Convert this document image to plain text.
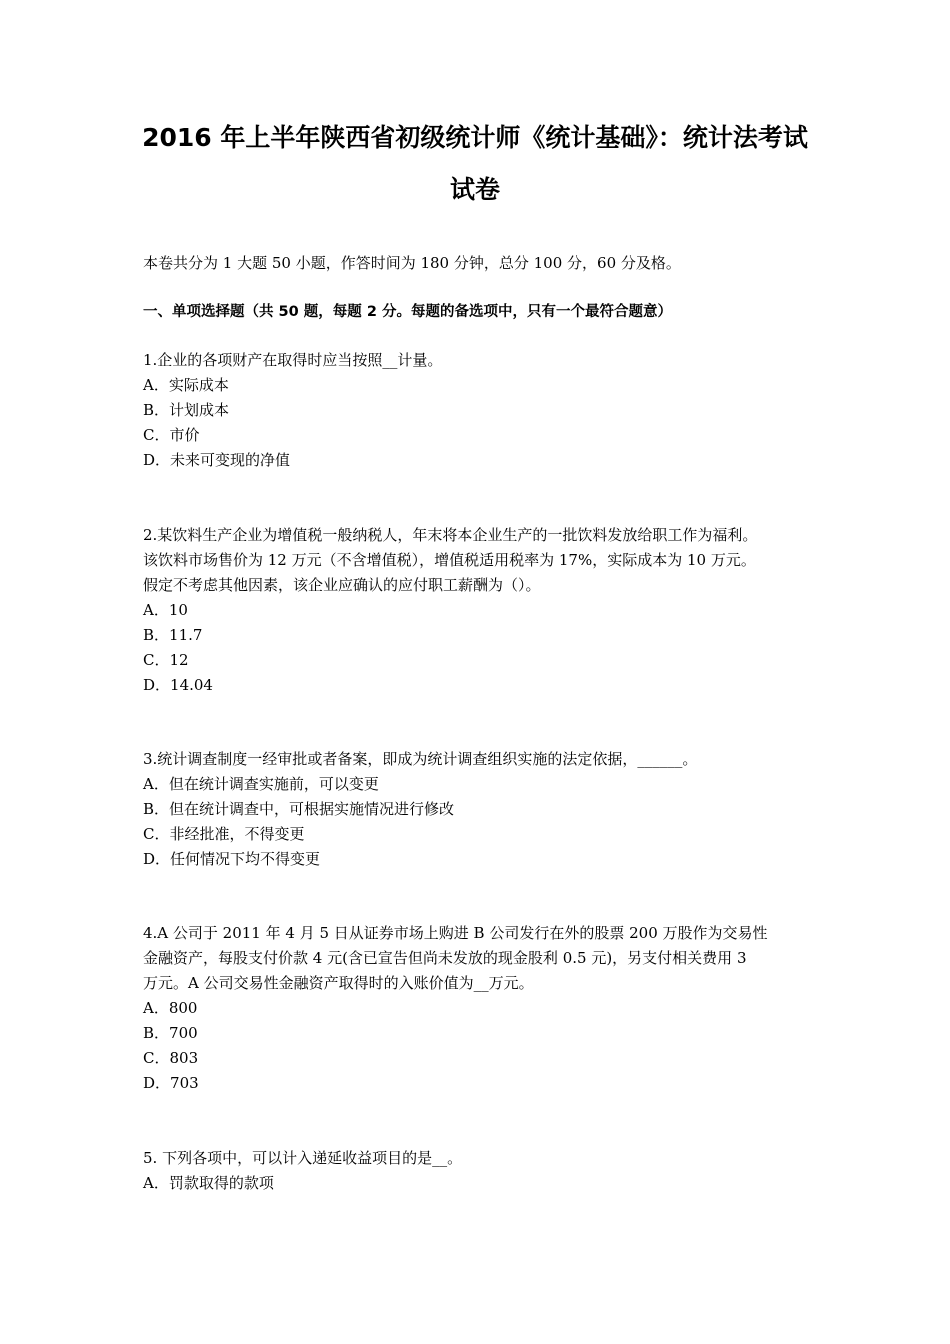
2016 年上半年陕西省初级统计师《统计基础》：统计法考试
试卷
本卷共分为 1 大题 50 小题，作答时间为 180 分钟，总分 100 分，60 分及格。
一、单项选择题（共 50 题，每题 2 分。每题的备选项中，只有一个最符合题意）
1.企业的各项财产在取得时应当按照__计量。
A．实际成本
B．计划成本
C．市价
D．未来可变现的净值
2.某饮料生产企业为增值税一般纳税人，年末将本企业生产的一批饮料发放给职工作为福利。
该饮料市场售价为 12 万元（不含增值税），增值税适用税率为 17%，实际成本为 10 万元。
假定不考虑其他因素，该企业应确认的应付职工薪酬为（）。
A．10
B．11.7
C．12
D．14.04
3.统计调查制度一经审批或者备案，即成为统计调查组织实施的法定依据，______。
A．但在统计调查实施前，可以变更
B．但在统计调查中，可根据实施情况进行修改
C．非经批准，不得变更
D．任何情况下均不得变更
4.A 公司于 2011 年 4 月 5 日从证券市场上购进 B 公司发行在外的股票 200 万股作为交易性
金融资产，每股支付价款 4 元(含已宣告但尚未发放的现金股利 0.5 元)，另支付相关费用 3
万元。A 公司交易性金融资产取得时的入账价值为__万元。
A．800
B．700
C．803
D．703
5. 下列各项中，可以计入递延收益项目的是__。
A．罚款取得的款项
